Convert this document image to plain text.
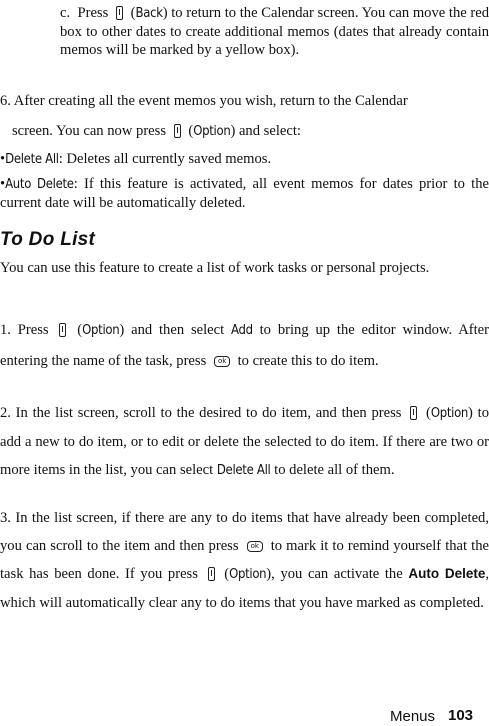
c. Press  (Back) to return to the Calendar screen. You can move the red box to other dates to create additional memos (dates that already contain memos will be marked by a yellow box).
6. After creating all the event memos you wish, return to the Calendar
screen. You can now press  (Option) and select:
•Delete All: Deletes all currently saved memos.
•Auto Delete: If this feature is activated, all event memos for dates prior to the current date will be automatically deleted.
To Do List
You can use this feature to create a list of work tasks or personal projects.
1. Press  (Option) and then select Add to bring up the editor window. After entering the name of the task, press ok to create this to do item.
2. In the list screen, scroll to the desired to do item, and then press  (Option) to add a new to do item, or to edit or delete the selected to do item. If there are two or more items in the list, you can select Delete All to delete all of them.
3. In the list screen, if there are any to do items that have already been completed, you can scroll to the item and then press ok to mark it to remind yourself that the task has been done. If you press  (Option), you can activate the Auto Delete, which will automatically clear any to do items that you have marked as completed.
Menus 103
